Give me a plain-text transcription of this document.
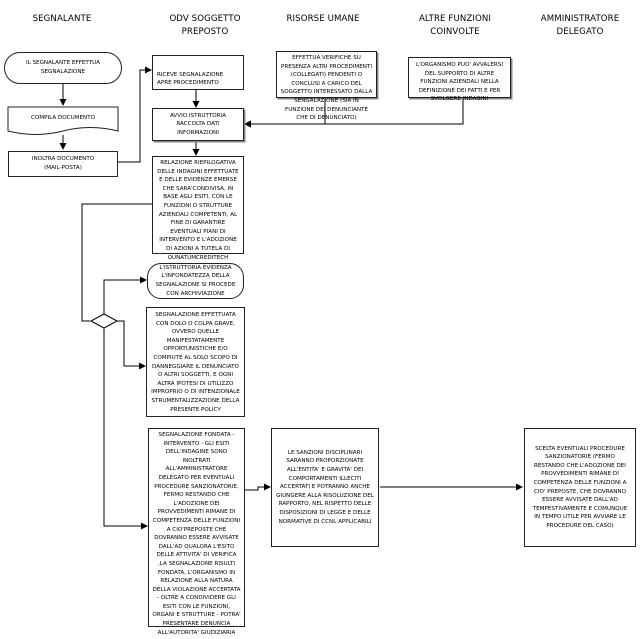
SEGNALANTE	ODV SOGGETTO
PREPOSTO
RISORSE UMANE	ALTRE FUNZIONI
COINVOLTE
AMMINISTRATORE
DELEGATO
IL SEGNALANTE EFFETTUA SEGNALAZIONE
COMPILA DOCUMENTO
INOLTRA DOCUMENTO
(MAIL-POSTA)

RICEVE SEGNALAZIONE
APRE PROCEDIMENTO

AVVIO ISTRUTTORIA
RACCOLTA DATI
INFORMAZIONI
RELAZIONE RIEPILOGATIVA DELLE INDAGINI EFFETTUATE E DELLE EVIDENZE EMERSE CHE SARA'CONDIVISA, IN BASE AGLI ESITI, CON LE FUNZIONI O STRUTTURE AZIENDALI COMPETENTI, AL FINE DI GARANTIRE EVENTUALI PIANI DI INTERVENTO E L'ADOZIONE DI AZIONI A TUTELA DI QUNATUMCREDITECH
L'ISTRUTTORIA EVIDENZA L'INFONDATEZZA DELLA SEGNALAZIONE SI PROCEDE CON ARCHIVIAZIONE
SEGNALAZIONE EFFETTUATA CON DOLO O COLPA GRAVE, OVVERO QUELLE MANIFESTATAMENTE OPPORTUNISTICHE E/O COMPIUTE AL SOLO SCOPO DI DANNEGGIARE IL DENUNCIATO O ALTRI SOGGETTI, E OGNI ALTRA IPOTESI DI UTILIZZO IMPROPRIO O DI INTENZIONALE STRUMENTALIZZAZIONE DELLA PRESENTE POLICY
SEGNALAZIONE FONDATA - INTERVENTO - GLI ESITI DELL'INDAGINE SONO INOLTRATI ALL'AMMINISTRATORE DELEGATO PER EVENTUALI PROCEDURE SANZIONATORIE, FERMO RESTANDO CHE L'ADOZIONE DEI PROVVEDIMENTI RIMANE DI COMPETENZA DELLE FUNZIONI A CIO'PREPOSTE CHE DOVRANNO ESSERE AVVISATE DALL'AD QUALORA L'ESITO DELLE ATTIVITA' DI VERIFICA ,LA SEGNALAZIONE RISULTI FONDATA, L'ORGANISMO IN RELAZIONE ALLA NATURA DELLA VIOLAZIONE ACCERTATA - OLTRE A CONDIVIDERE GLI ESITI CON LE FUNZIONI, ORGANI E STRUTTURE - POTRA' PRESENTARE DENUNCIA ALL'AUTORITA' GIUDIZIARIA
EFFETTUA VERIFICHE SU PRESENZA ALTRI PROCEDIMENTI (COLLEGATI) PENDENTI O CONCLUSI A CARICO DEL SOGGETTO INTERESSATO DALLA SENGALAZIONE (SIA IN FUNZIONE DEI DENUNCIANTE CHE DI DENUNCIATO)
LE SANZIONI DISCIPLINARI SARANNO PROPORZIONATE ALL'ENTITA' E GRAVITA' DEI COMPORTAMENTI ILLECITI ACCERTATI E POTRANNO ANCHE GIUNGERE ALLA RISOLUZIONE DEL RAPPORTO, NEL RISPETTO DELLE DISPOSIZIONI DI LEGGE E DELLE NORMATIVE DI CCNL APPLICABILI
L'ORGANISMO PUO' AVVALERSI DEL SUPPORTO DI ALTRE FUNZIONI AZIENDALI NELLA DEFINIZIONE DEI FATTI E PER SVOLGERE INDAGINI
SCELTA EVENTUALI PROCEDURE SANZIONATORIE (FERMO RESTANDO CHE L'ADOZIONE DEI PROVVEDIMENTI RIMANE DI COMPETENZA DELLE FUNZIONI A CIO' PREPOSTE, CHE DOVRANNO ESSERE AVVISATE DALL'AD TEMPESTIVAMENTE E COMUNQUE IN TEMPO UTILE PER AVVIARE LE PROCEDURE DEL CASO)
